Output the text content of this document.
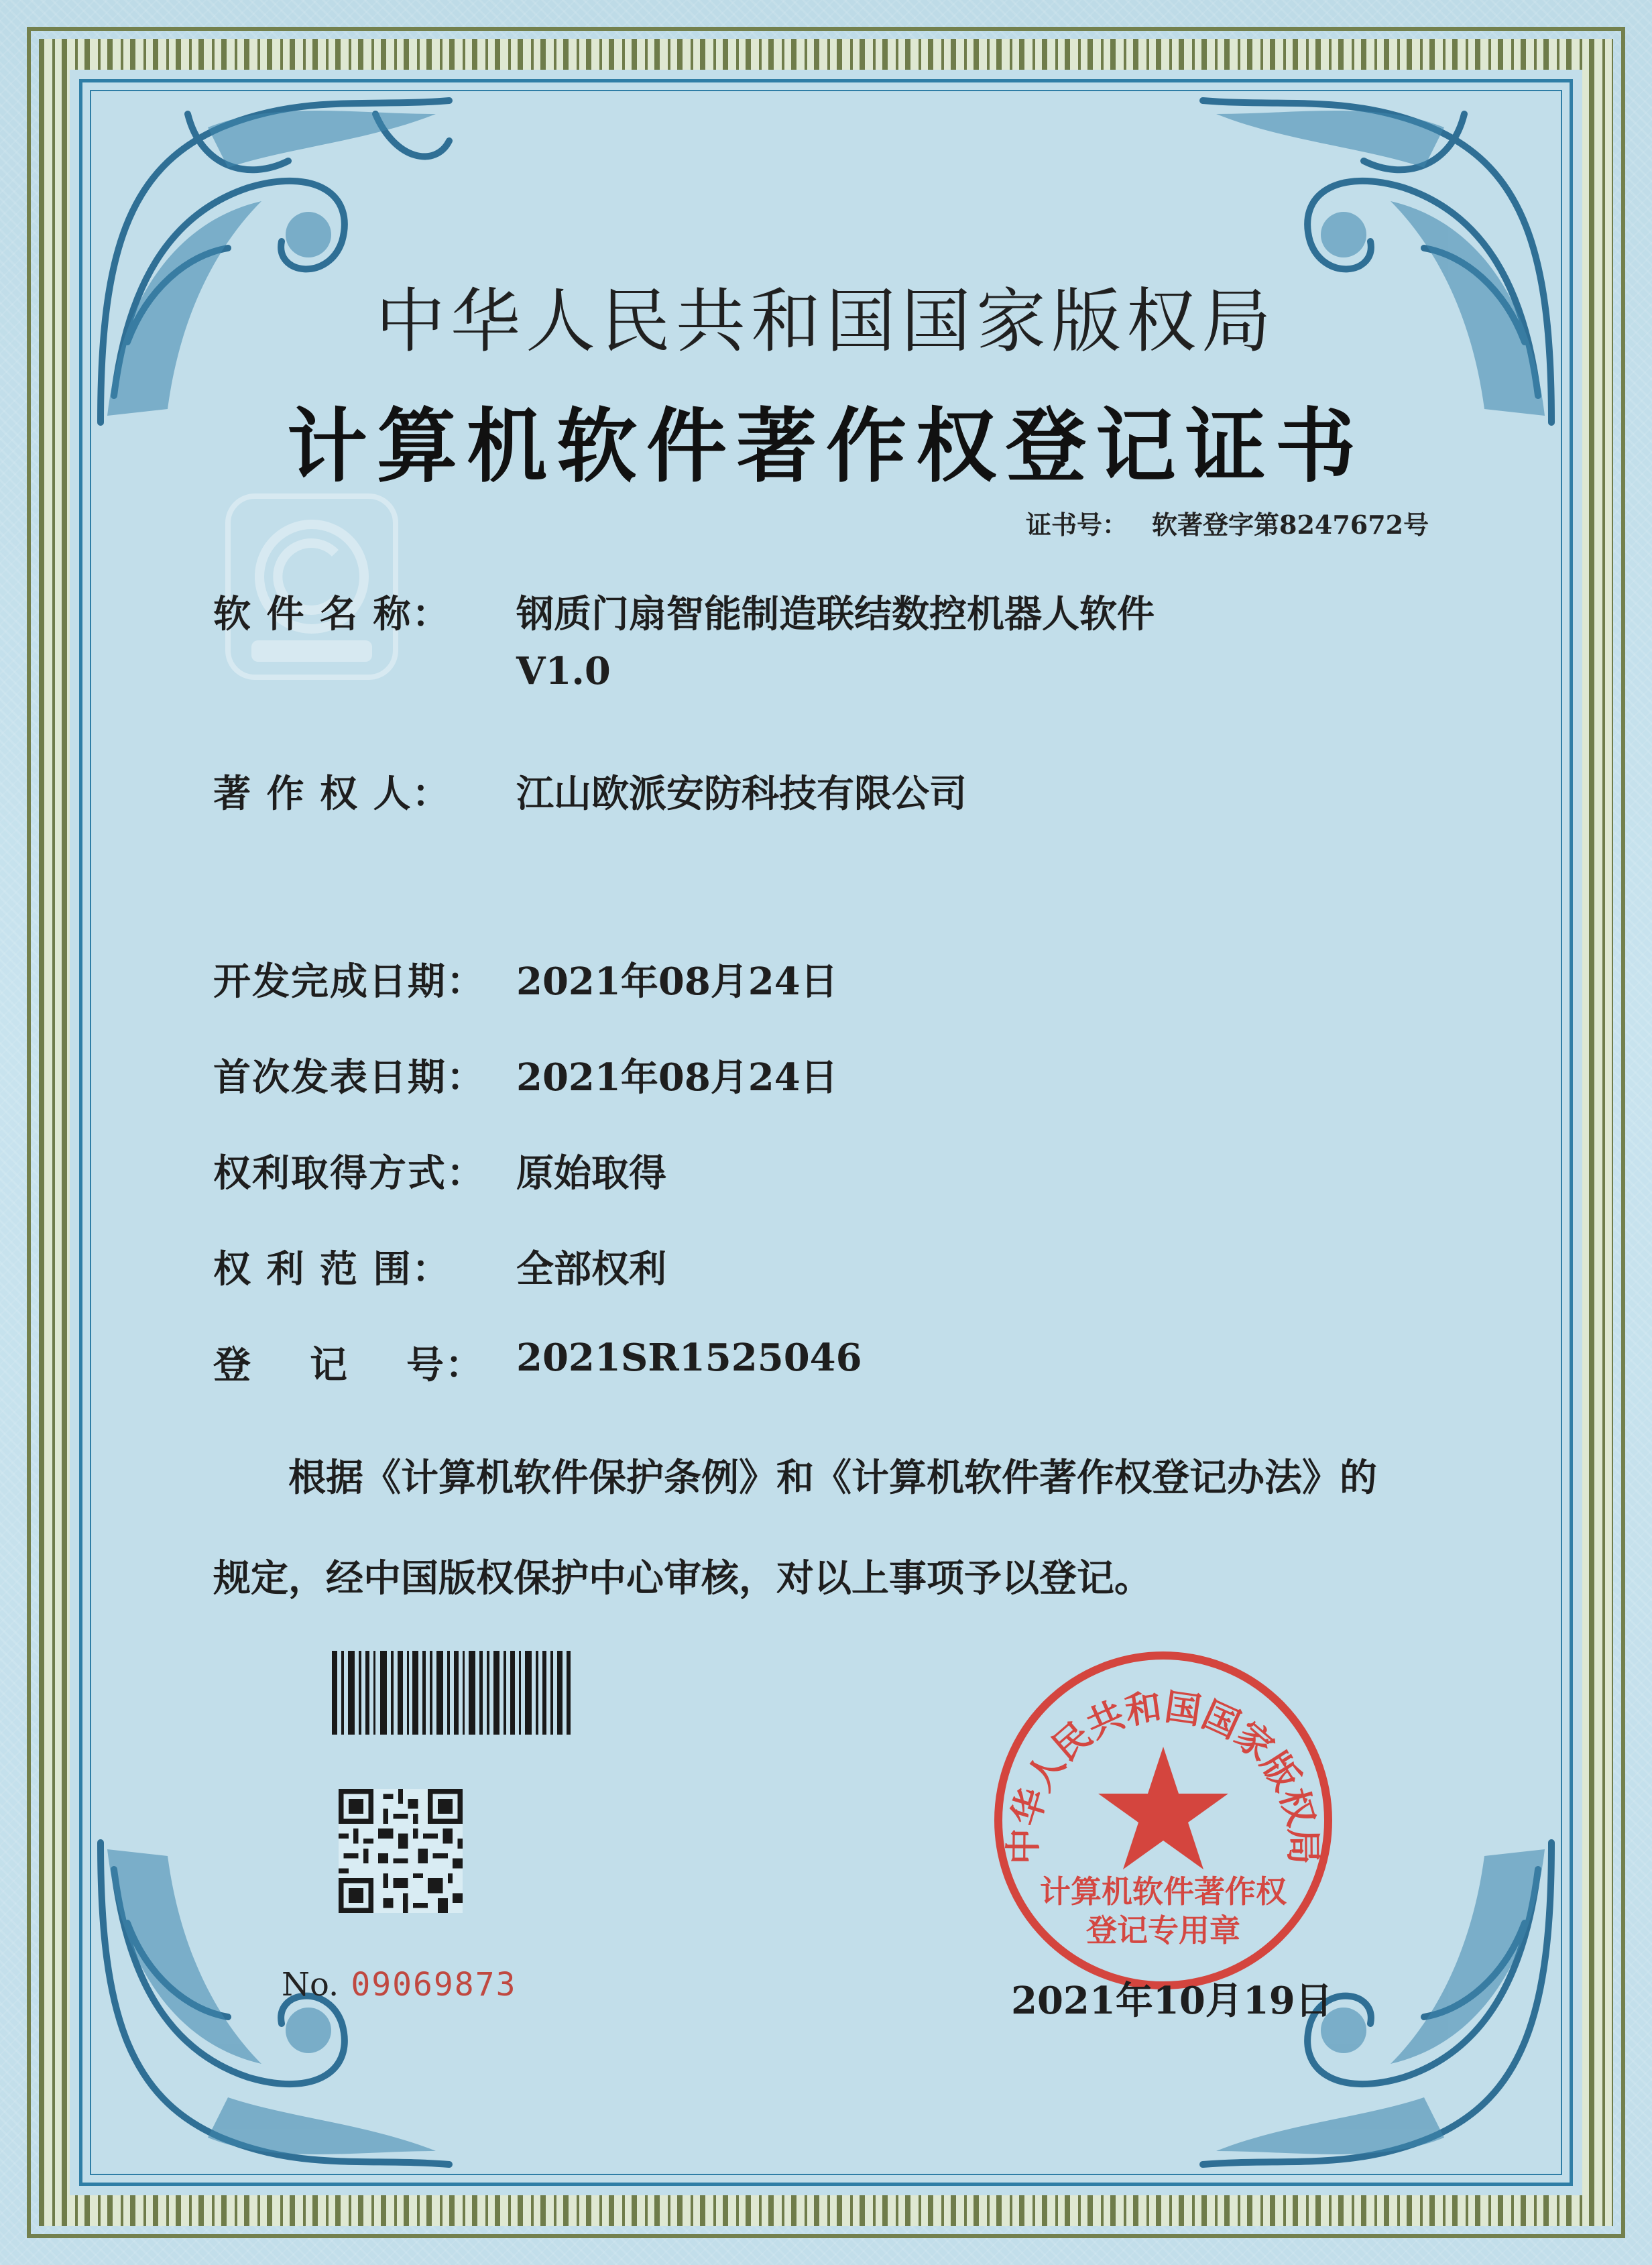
中华人民共和国国家版权局
计算机软件著作权登记证书
证书号： 软著登字第8247672号
软 件 名 称： 钢质门扇智能制造联结数控机器人软件
V1.0
著 作 权 人： 江山欧派安防科技有限公司
开发完成日期： 2021年08月24日
首次发表日期： 2021年08月24日
权利取得方式： 原始取得
权 利 范 围： 全部权利
登    记    号： 2021SR1525046
根据《计算机软件保护条例》和《计算机软件著作权登记办法》的
规定，经中国版权保护中心审核，对以上事项予以登记。
No. 09069873
中华人民共和国国家版权局
计算机软件著作权
登记专用章
2021年10月19日
